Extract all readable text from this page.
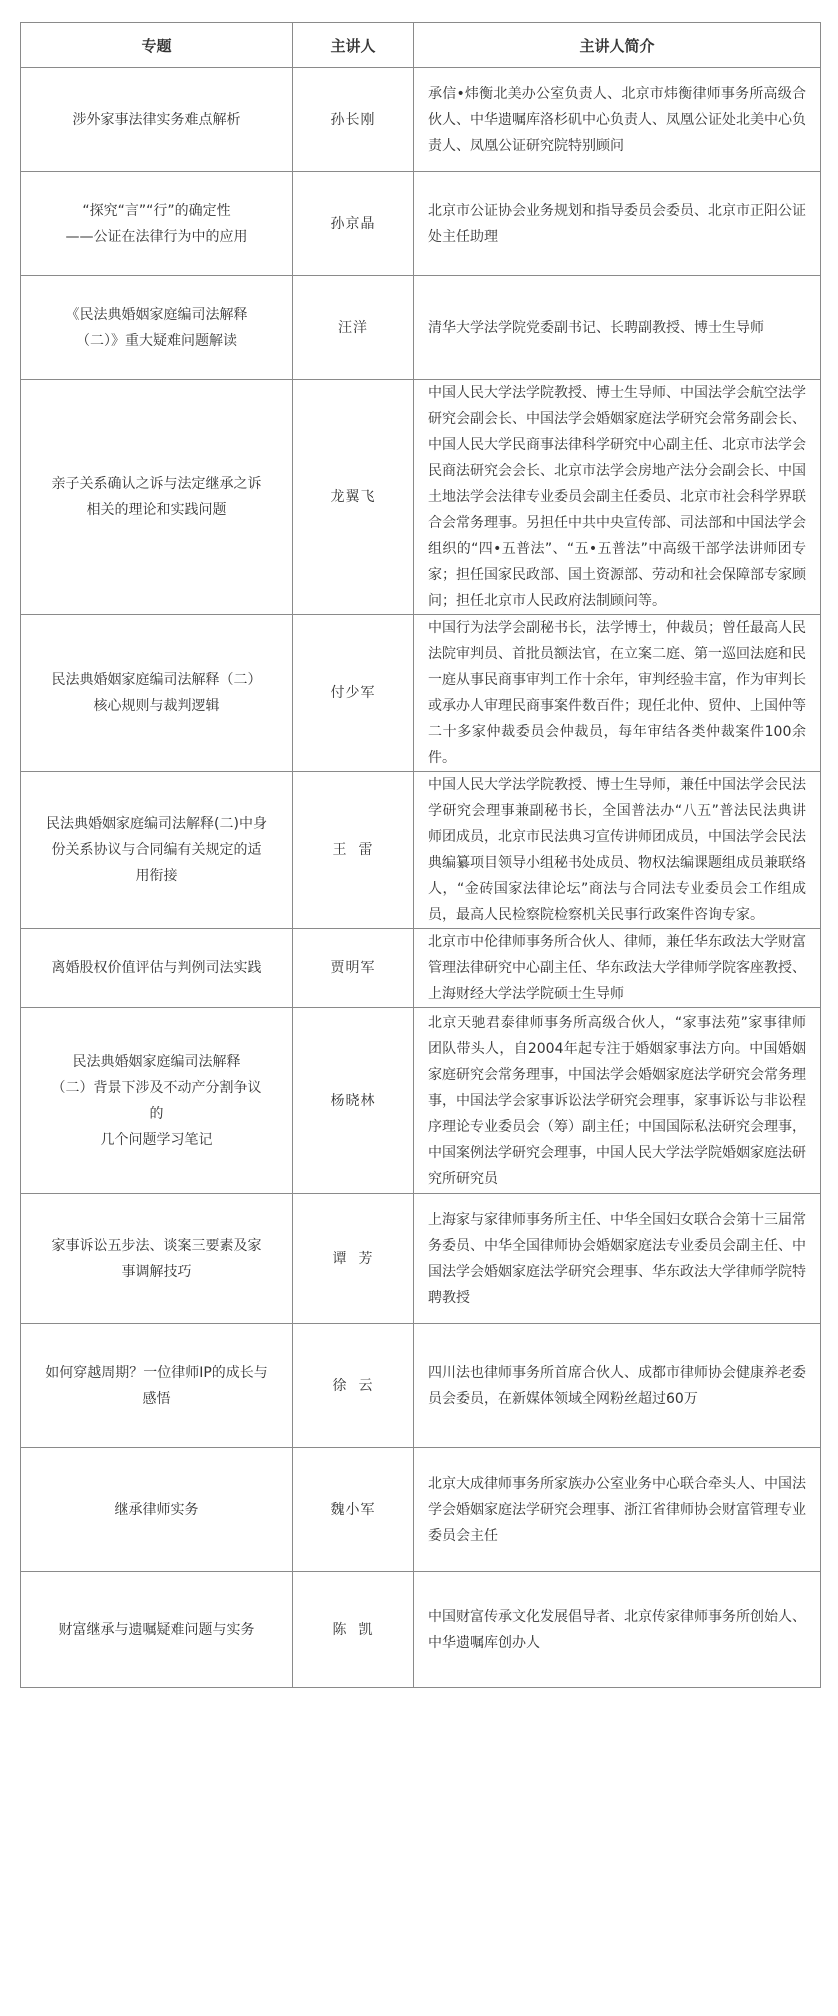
专题	主讲人	主讲人简介

涉外家事法律实务难点解析	孙长刚	承信•炜衡北美办公室负责人、北京市炜衡律师事务所高级合伙人、中华遗嘱库洛杉矶中心负责人、凤凰公证处北美中心负责人、凤凰公证研究院特别顾问

“探究“言”“行”的确定性
——公证在法律行为中的应用	孙京晶	北京市公证协会业务规划和指导委员会委员、北京市正阳公证处主任助理

《民法典婚姻家庭编司法解释
（二）》重大疑难问题解读	汪洋	清华大学法学院党委副书记、长聘副教授、博士生导师

亲子关系确认之诉与法定继承之诉相关的理论和实践问题	龙翼飞	中国人民大学法学院教授、博士生导师、中国法学会航空法学研究会副会长、中国法学会婚姻家庭法学研究会常务副会长、中国人民大学民商事法律科学研究中心副主任、北京市法学会民商法研究会会长、北京市法学会房地产法分会副会长、中国土地法学会法律专业委员会副主任委员、北京市社会科学界联合会常务理事。另担任中共中央宣传部、司法部和中国法学会组织的“四•五普法”、“五•五普法”中高级干部学法讲师团专家；担任国家民政部、国土资源部、劳动和社会保障部专家顾问；担任北京市人民政府法制顾问等。

民法典婚姻家庭编司法解释（二）核心规则与裁判逻辑	付少军	中国行为法学会副秘书长，法学博士，仲裁员；曾任最高人民法院审判员、首批员额法官，在立案二庭、第一巡回法庭和民一庭从事民商事审判工作十余年，审判经验丰富，作为审判长或承办人审理民商事案件数百件；现任北仲、贸仲、上国仲等二十多家仲裁委员会仲裁员，每年审结各类仲裁案件100余件。

民法典婚姻家庭编司法解释(二)中身份关系协议与合同编有关规定的适用衔接	王  雷	中国人民大学法学院教授、博士生导师，兼任中国法学会民法学研究会理事兼副秘书长，全国普法办“八五”普法民法典讲师团成员，北京市民法典习宣传讲师团成员，中国法学会民法典编纂项目领导小组秘书处成员、物权法编课题组成员兼联络人，“金砖国家法律论坛”商法与合同法专业委员会工作组成员，最高人民检察院检察机关民事行政案件咨询专家。

离婚股权价值评估与判例司法实践	贾明军	北京市中伦律师事务所合伙人、律师，兼任华东政法大学财富管理法律研究中心副主任、华东政法大学律师学院客座教授、上海财经大学法学院硕士生导师

民法典婚姻家庭编司法解释
（二）背景下涉及不动产分割争议的
几个问题学习笔记	杨晓林	北京天驰君泰律师事务所高级合伙人，“家事法苑”家事律师团队带头人，自2004年起专注于婚姻家事法方向。中国婚姻家庭研究会常务理事，中国法学会婚姻家庭法学研究会常务理事，中国法学会家事诉讼法学研究会理事，家事诉讼与非讼程序理论专业委员会（筹）副主任；中国国际私法研究会理事，中国案例法学研究会理事，中国人民大学法学院婚姻家庭法研究所研究员

家事诉讼五步法、谈案三要素及家事调解技巧	谭  芳	上海家与家律师事务所主任、中华全国妇女联合会第十三届常务委员、中华全国律师协会婚姻家庭法专业委员会副主任、中国法学会婚姻家庭法学研究会理事、华东政法大学律师学院特聘教授

如何穿越周期？一位律师IP的成长与感悟	徐  云	四川法也律师事务所首席合伙人、成都市律师协会健康养老委员会委员，在新媒体领域全网粉丝超过60万

继承律师实务	魏小军	北京大成律师事务所家族办公室业务中心联合牵头人、中国法学会婚姻家庭法学研究会理事、浙江省律师协会财富管理专业委员会主任

财富继承与遗嘱疑难问题与实务	陈  凯	中国财富传承文化发展倡导者、北京传家律师事务所创始人、中华遗嘱库创办人
